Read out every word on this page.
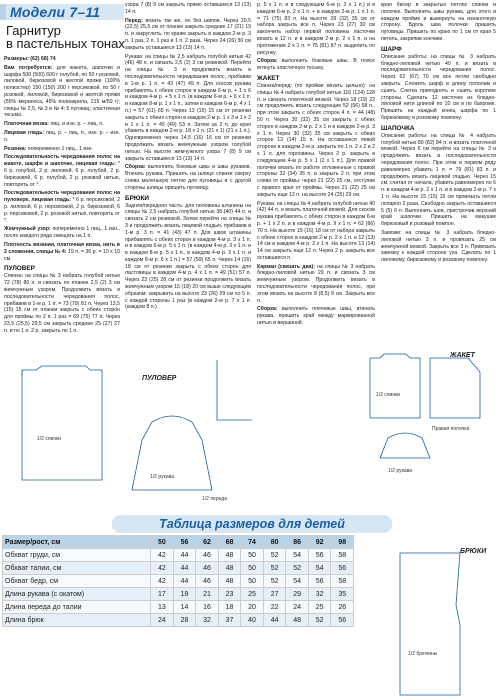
Модели 7–11
Гарнитур
в пастельных тонах

Размеры: (62) 68) 74

Вам потребуется: для жакета, шапочки и шарфа 500 (500) 600 г голубой, по 50 г розовой, лиловой, бирюзовой и желтой пряжи (100% полиэстер) 150 (150) 200 г персиковой, по 50 г розовой, лиловой, бирюзовой и желтой пряжи (55% мериноса, 45% полиакрила, 215 м/50 г); спицы № 2,5, № 3 и № 4; 5 пуговиц; эластичная тесьма.

Платочная вязка: лиц. и изн. р. – лиц. п.

Лицевая гладь: лиц. р. – лиц. п., изн. р. – изн. п.

Резинка: попеременно 1 лиц., 1 изн.

Последовательность чередования полос на жакете, шарфе и шапочке, лицевая гладь: * 6 р. голубой, 2 р. лиловой, 6 р. голубой, 2 р. бирюзовой, 6 р. голубой, 2 р. розовой нитью, повторять от *.

Последовательность чередования полос на пуловере, лицевая гладь: * 6 р. персиковой, 2 р. лиловой, 6 р. персиковой, 2 р. бирюзовой, 6 р. персиковой, 2 р. розовой нитью, повторять от *.

Жемчужный узор: попеременно 1 лиц., 1 изн., после каждого ряда смещать на 1 п.

Плотность вязания, платочная вязка, нить в 2 сложения, спицы № 4: 19 п. = 36 р. = 10 х 10 см.

ПУЛОВЕР

Спинка: на спицы № 3 набрать голубой нитью 72 (78) 80 п. и связать по планке 2,5 (2) 3 см жемчужным узором. Продолжить вязать в последовательности чередования полос, прибавив в 1-м р. 1 п. = 73 (79) 81 п. Через 13,5 (15) 15 см от планки закрыть с обеих сторон для проймы по 2 п. 1 раз = 69 (75) 77 п. Через 23,5 (25,5) 29,5 см закрыть средние 25 (27) 27 п. и по 1 п. 2 р. закрыть по 1 п.

узора 7 (8) 9 см закрыть прямо оставшиеся 13 (13) 14 п.

Перед: вязать так же, но без шипов. Через 20,5 (22,5) 25,5 см от планки закрыть средние 17 (21) 19 п. и закруглить, по краям закрыть в каждом 2-м р. 3 п. 1 раз, 2 п. 1 раз и 1 п. 2 раза. Через 24 (26) 30 см закрыть оставшиеся 13 (13) 14 п.

Рукава: на спицы № 2,5 набрать голубой нитью 42 (46) 48 п. и связать 2,5 (2) 3 см резинкой. Перейти на спицы № 3 и продолжить вязать в последовательности чередования полос, прибавив в 1-м р. 1 п. = 43 (47) 49 п. Для скосов рукава прибавлять с обеих сторон в каждом 6-м р. + 1 х 6 и каждом 4-м р. + 5 х 1 п. (в каждом 6-м р. + 6 х 1 п. и каждом 8-м р. 1 х 1 п., затем в каждом 6-м р. 4 х 1 п.) = 57 (61) 65 п. Через 13 (15) 15 см от резинки закрыть с обеих сторон в каждом 2-м р. 1 х 3 и 1 х 2 и 1 х 1 п. = 45 (49) 53 п. Затем за 2 п. до края убавить в каждом 2-м р. 18 х 1 п. (21 х 1) (21 х 1 п.). Одновременно через 14,5 (16) 16 см от резинки продолжить вязать жемчужным узором голубой нитью. На высоте жемчужного узора 7 (8) 9 см закрыть оставшиеся 13 (13) 14 п.

Сборка: выполнить боковые швы и швы рукавов. Втачать рукава. Пришить на шлице спинки сверху слева маленькую петлю для пуговицы и с другой стороны шлицы пришить пуговицу.

БРЮКИ

Задняя/передняя часть: для половины штанины на спицы № 2,5 набрать голубой нитью 38 (40) 44 п. и связать 2 см резинкой. Затем перейти на спицы № 3 и продолжить вязать лицевой гладью, прибавив в 1-м р. 3 п. = 41 (43) 47 п. Для швов штанины прибавлять с обеих сторон в каждом 4-м р. 3 х 1 п. и в каждом 6-м р. 5 х 1 п. (в каждом 4-м р. 3 х 1 п. и в каждом 8-м р. 5 х 1 п., в каждом 4-м р. 3 х 1 п. и каждом 8-м р. 6 х 1 п.) = 57 (59) 65 п. Через 14 (16) 18 см от резинки закрыть с обеих сторон для ластовицы в каждом 4-м р. 4 х 1 п. = 49 (51) 57 п. Через 23 (25) 28 см от резинки продолжить вязать жемчужным узором 15 (18) 20 см выше следующим образом: закрывать на высоте 23 (26) 29 см по 5 п. с каждой стороны 1 раз (в каждом 2-м р. 7 х 1 п. (каждом 8 п.).

р. 5 х 1 п. и в следующем 6-м р. 2 х 1 п.) и в каждом 6-м р. 2 х 1 п. + в каждом 2-м р. 1 х 1 п. = 71 (75) 83 п. На высоте 28 (32) 35 см от набора закрыть все п. Через 23 (27) 30 см закончить набор первой половины ласточки вязать в 12 п. и в каждом 2-м р. 2 х 1 п. и на протяжении 2 х 1 п. = 75 (81) 87 п. выделить по рисунку.

Сборка: выполнить боковые швы. В поясе втянуть эластичную тесьму.

ЖАКЕТ

Спинка/перед: (по пройме вязать цельно): на спицы № 4 набрать голубой нитью 116 (124) 128 п. и связать платочной вязкой. Через 18 (19) 22 см продолжить вязать следующие 52 (56) 58 п., при этом закрыть с обеих сторон 4 п. = 44 (48) 50 п. Через 30 (32) 35 см закрыть с обеих сторон в каждом 2-м р. 2 х 1 и в каждом 2-м р. 3 х 1 п. Через 30 (32) 35 см закрыть с обеих сторон 13 (14) 15 п. На оставшихся левой стороне в каждом 2-м р. закрыть по 1 п. 2 х 2 и 2 х 1 п. для горловины. Через 2 р. закрыть в следующем 4-м р. 5 х 1 (2 х 1 п.). Для правой полочки вязать по работе отложенные с правой стороны 32 (34) 35 п. и закрыть 2 п. при этом слева от проймы: через 21 (22) 25 см, отступив с правого края от проймы. Через 21 (22) 25 см закрыть еще 12 п. на высоте 24 (25) 29 см.

Рукава: на спицы № 4 набрать голубой нитью 40 (42) 44 п. и вязать платочной вязкой. Для скосов рукава прибавлять с обеих сторон в каждом 6-м р. + 1 х 2 п. и в каждом 4-м р. 9 х 1 п. = 62 (66) 70 п. На высоте 15 (16) 18 см от набора закрыть с обеих сторон в каждом 2-м р. 2 х 1 п. и 12 (13) 14 см в каждом 4-м р. 2 х 1 п. На высоте 13 (14) 14 см закрыть еще 12 п. Через 2 р. закрыть все оставшиеся п.

Карман (связать два): на спицы № 3 набрать бледно-лиловой нитью 29 п. и связать 3 см жемчужным узором. Продолжить вязать в последовательности чередования полос, при этом вязать на высоте 8 (8,5) 9 см. Закрыть все п.

Сборка: выполнить плечевые швы, втачать рукава, пришить край между маркированной нитью и вершиной.

края бисер в закрытых петлях спинки и полочке. Выполнить швы рукава, для этого в каждом пройме и вывернуть на изнаночную сторону. Вдоль шва полочки пришить пуговицы. Пришить по краю по 1 см от края 5 петель, закрепив кончики.

ШАРФ

Описание работы: на спицы № 3 набрать бледно-лиловой нитью 40 п. и вязать в последовательности чередования полос. Через 62 (67) 70 см все петли свободно закрыть. Сложить шарф в длину пополам и сшить. Слегка приподнять и сшить короткие стороны. Сделать 12 кисточек из бледно-лиловой нити длиной по 10 см и по бахроме. Пришить на каждый конец шарфа по 1 бирюзовому и розовому помпону.

ШАПОЧКА

Описание работы: на спицы № 4 набрать голубой нитью 80 (82) 84 п. и вязать платочной вязкой. Через 6 см перейти на спицы № 3 и продолжить вязать в последовательности чередования полос. При этом в первом ряду равномерно убавить 1 п. = 79 (81) 83 п. и продолжить вязать лицевой гладью. Через 15 см, считая от начала, убавить равномерно по 6 п. в каждом 4-м р. 2 х 1 п. и в каждом 2-м р. 7 х 1 п. На высоте 15 (15) 15 см провязать петли попарно 2 раза. Свободно закрыть оставшиеся 5 (5) 6 п. Выполнить шов, пристрочив верхний край шапочки. Пришить на макушке бирюзовый и розовый помпон.

Завязки: на спицы № 3 набрать бледно-лиловой нитью 3 п. и провязать 25 см жемчужной вязкой. Закрыть все 3 п. Привязать завязку к каждой стороне уха. Сделать по 1 лиловому, бирюзовому и розовому помпону.

ПУЛОВЕР
1/2 спинки
1/2 рукава
1/2 переда
ЖАКЕТ
1/2 спинки
Правая полочка
1/2 рукава
БРЮКИ
1/2 брючины
Таблица размеров для детей
Размер/рост, см	50	56	62	68	74	80	86	92	98
Обхват груди, см	42	44	46	48	50	52	54	56	58
Обхват талии, см	42	44	46	48	50	52	52	54	56
Обхват бедр, см	42	44	46	48	50	52	54	56	58
Длина рукава (с окатом)	17	19	21	23	25	27	29	32	35
Длина переда до талии	13	14	16	18	20	22	24	25	26
Длина брюк	24	28	32	37	40	44	48	52	56
